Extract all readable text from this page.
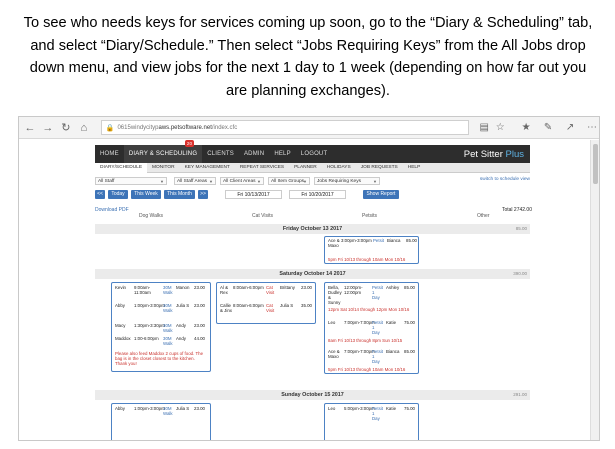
To see who needs keys for services coming up soon, go to the “Diary & Scheduling” tab, and select “Diary/Schedule.” Then select “Jobs Requiring Keys” from the All Jobs drop down menu, and view jobs for the next 1 day to 1 week (depending on how far out you are planning exchanges).
← → ↻ ⌂	🔒 0615windycityp aws.petsoftware.net /index.cfc	▤ ☆ ★ ✎ ↗ ⋯
HOME	DIARY & SCHEDULING
20
CLIENTS	ADMIN	HELP	LOGOUT	Pet Sitter Plus
DIARY/SCHEDULE	MONITOR	KEY MANAGEMENT	REPEAT SERVICES	PLANNER	HOLIDAYS	JOB REQUESTS	HELP
All Staff	▼	All Staff Areas ▼	All Client Areas ▼	All Item Groups
▼	Jobs Requiring Keys	▼	switch to schedule view
<<	Today	This Week	This Month	>>	Fri 10/13/2017	Fri 10/20/2017	Show Report
Download PDF	Total 2742.00
Dog Walks	Cat Visits	Petsits	Other
Friday October 13 2017	85.00
Ace & Maxo
3:00pm-3:00pm Petsit Bianca 85.00
5pm Fri 10/13 through 10am Mon 10/16
Saturday October 14 2017	390.00
Kevin 9:00am-11:00am
30M Walk
Manon 23.00
Abby 1:00pm-3:00pm
30M Walk
Julia S 23.00
Macy 1:30pm-3:30pm
30M Walk
Andy 23.00
Maddox 1:00-6:00pm 30M Walk
Andy 44.00
Please also feed Maddox 2 cups of food. The bag is in the closet closest to the kitchen. Thank you!
Al & Rex
8:00am-6:00pm Cat Visit
Brittany 23.00
Callie & Jinx
8:00am-6:00pm Cat Visit
Julia S 35.00
Bella, Dudley & Sunny
12:00pm-12:00pm
Petsit 1 Day
Ashley 85.00
12pm Sat 10/14 through 12pm Mon 10/16
Leo 7:00pm-7:00pm
Petsit 1 Day
Katie 75.00
8am Fri 10/13 through 8pm Sun 10/15
Ace & Maxo
7:00pm-7:00pm
Petsit 1 Day
Bianca 85.00
5pm Fri 10/13 through 10am Mon 10/16
Sunday October 15 2017	291.00
Abby 1:00pm-3:00pm
30M Walk
Julia S 23.00	Leo 5:00pm-3:00pm
Petsit 1 Day
Katie 75.00
